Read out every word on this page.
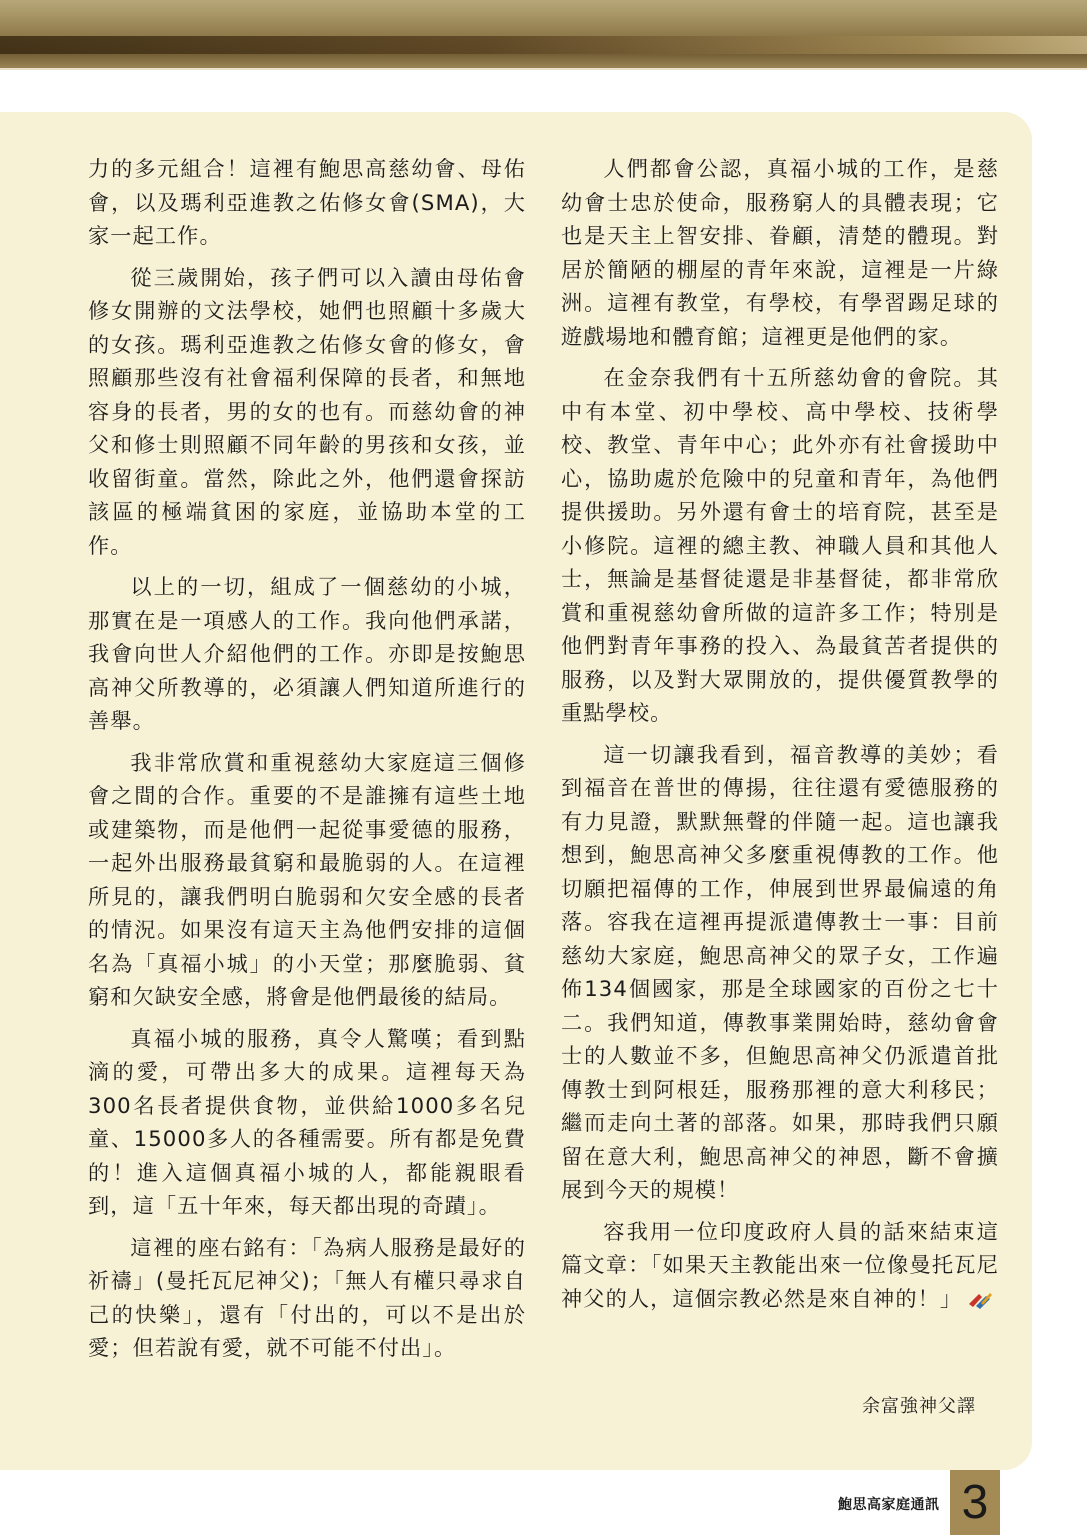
力的多元組合！這裡有鮑思高慈幼會、母佑會，以及瑪利亞進教之佑修女會(SMA)，大家一起工作。

從三歲開始，孩子們可以入讀由母佑會修女開辦的文法學校，她們也照顧十多歲大的女孩。瑪利亞進教之佑修女會的修女，會照顧那些沒有社會福利保障的長者，和無地容身的長者，男的女的也有。而慈幼會的神父和修士則照顧不同年齡的男孩和女孩，並收留街童。當然，除此之外，他們還會探訪該區的極端貧困的家庭，並協助本堂的工作。

以上的一切，組成了一個慈幼的小城，那實在是一項感人的工作。我向他們承諾，我會向世人介紹他們的工作。亦即是按鮑思高神父所教導的，必須讓人們知道所進行的善舉。

我非常欣賞和重視慈幼大家庭這三個修會之間的合作。重要的不是誰擁有這些土地或建築物，而是他們一起從事愛德的服務，一起外出服務最貧窮和最脆弱的人。在這裡所見的，讓我們明白脆弱和欠安全感的長者的情況。如果沒有這天主為他們安排的這個名為「真福小城」的小天堂；那麼脆弱、貧窮和欠缺安全感，將會是他們最後的結局。

真福小城的服務，真令人驚嘆；看到點滴的愛，可帶出多大的成果。這裡每天為300名長者提供食物，並供給1000多名兒童、15000多人的各種需要。所有都是免費的！進入這個真福小城的人，都能親眼看到，這「五十年來，每天都出現的奇蹟」。

這裡的座右銘有：「為病人服務是最好的祈禱」(曼托瓦尼神父)；「無人有權只尋求自己的快樂」，還有「付出的，可以不是出於愛；但若說有愛，就不可能不付出」。

人們都會公認，真福小城的工作，是慈幼會士忠於使命，服務窮人的具體表現；它也是天主上智安排、眷顧，清楚的體現。對居於簡陋的棚屋的青年來說，這裡是一片綠洲。這裡有教堂，有學校，有學習踢足球的遊戲場地和體育館；這裡更是他們的家。

在金奈我們有十五所慈幼會的會院。其中有本堂、初中學校、高中學校、技術學校、教堂、青年中心；此外亦有社會援助中心，協助處於危險中的兒童和青年，為他們提供援助。另外還有會士的培育院，甚至是小修院。這裡的總主教、神職人員和其他人士，無論是基督徒還是非基督徒，都非常欣賞和重視慈幼會所做的這許多工作；特別是他們對青年事務的投入、為最貧苦者提供的服務，以及對大眾開放的，提供優質教學的重點學校。

這一切讓我看到，福音教導的美妙；看到福音在普世的傳揚，往往還有愛德服務的有力見證，默默無聲的伴隨一起。這也讓我想到，鮑思高神父多麼重視傳教的工作。他切願把福傳的工作，伸展到世界最偏遠的角落。容我在這裡再提派遣傳教士一事：目前慈幼大家庭，鮑思高神父的眾子女，工作遍佈134個國家，那是全球國家的百份之七十二。我們知道，傳教事業開始時，慈幼會會士的人數並不多，但鮑思高神父仍派遣首批傳教士到阿根廷，服務那裡的意大利移民；繼而走向土著的部落。如果，那時我們只願留在意大利，鮑思高神父的神恩，斷不會擴展到今天的規模！

容我用一位印度政府人員的話來結束這篇文章：「如果天主教能出來一位像曼托瓦尼神父的人，這個宗教必然是來自神的！」

余富強神父譯
鮑思高家庭通訊 3
